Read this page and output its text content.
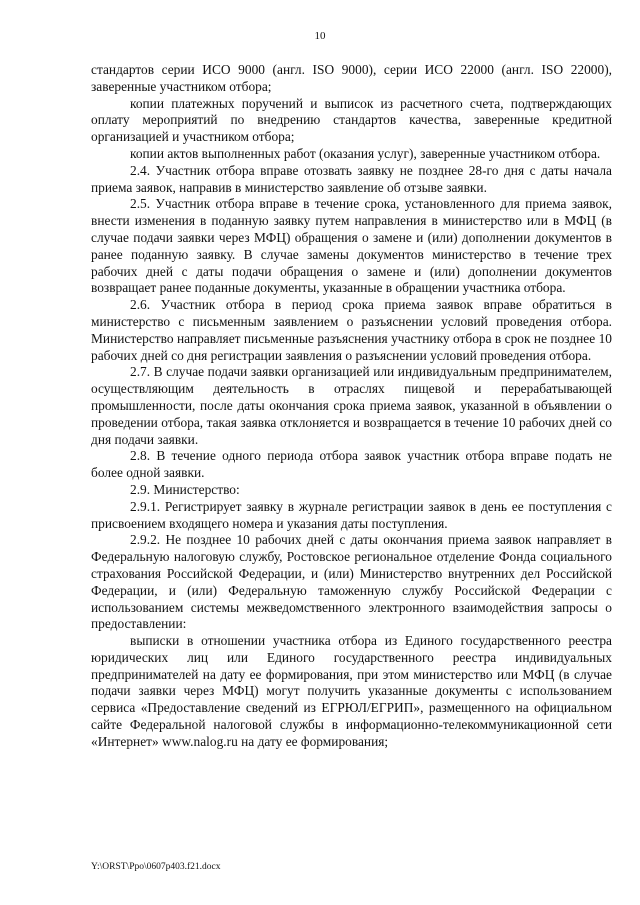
10

стандартов серии ИСО 9000 (англ. ISO 9000), серии ИСО 22000 (англ. ISO 22000), заверенные участником отбора;

копии платежных поручений и выписок из расчетного счета, подтверждающих оплату мероприятий по внедрению стандартов качества, заверенные кредитной организацией и участником отбора;

копии актов выполненных работ (оказания услуг), заверенные участником отбора.

2.4. Участник отбора вправе отозвать заявку не позднее 28-го дня с даты начала приема заявок, направив в министерство заявление об отзыве заявки.

2.5. Участник отбора вправе в течение срока, установленного для приема заявок, внести изменения в поданную заявку путем направления в министерство или в МФЦ (в случае подачи заявки через МФЦ) обращения о замене и (или) дополнении документов в ранее поданную заявку. В случае замены документов министерство в течение трех рабочих дней с даты подачи обращения о замене и (или) дополнении документов возвращает ранее поданные документы, указанные в обращении участника отбора.

2.6. Участник отбора в период срока приема заявок вправе обратиться в министерство с письменным заявлением о разъяснении условий проведения отбора. Министерство направляет письменные разъяснения участнику отбора в срок не позднее 10 рабочих дней со дня регистрации заявления о разъяснении условий проведения отбора.

2.7. В случае подачи заявки организацией или индивидуальным предпринимателем, осуществляющим деятельность в отраслях пищевой и перерабатывающей промышленности, после даты окончания срока приема заявок, указанной в объявлении о проведении отбора, такая заявка отклоняется и возвращается в течение 10 рабочих дней со дня подачи заявки.

2.8. В течение одного периода отбора заявок участник отбора вправе подать не более одной заявки.

2.9. Министерство:

2.9.1. Регистрирует заявку в журнале регистрации заявок в день ее поступления с присвоением входящего номера и указания даты поступления.

2.9.2. Не позднее 10 рабочих дней с даты окончания приема заявок направляет в Федеральную налоговую службу, Ростовское региональное отделение Фонда социального страхования Российской Федерации, и (или) Министерство внутренних дел Российской Федерации, и (или) Федеральную таможенную службу Российской Федерации с использованием системы межведомственного электронного взаимодействия запросы о предоставлении:

выписки в отношении участника отбора из Единого государственного реестра юридических лиц или Единого государственного реестра индивидуальных предпринимателей на дату ее формирования, при этом министерство или МФЦ (в случае подачи заявки через МФЦ) могут получить указанные документы с использованием сервиса «Предоставление сведений из ЕГРЮЛ/ЕГРИП», размещенного на официальном сайте Федеральной налоговой службы в информационно-телекоммуникационной сети «Интернет» www.nalog.ru на дату ее формирования;

Y:\ORST\Ppo\0607p403.f21.docx
